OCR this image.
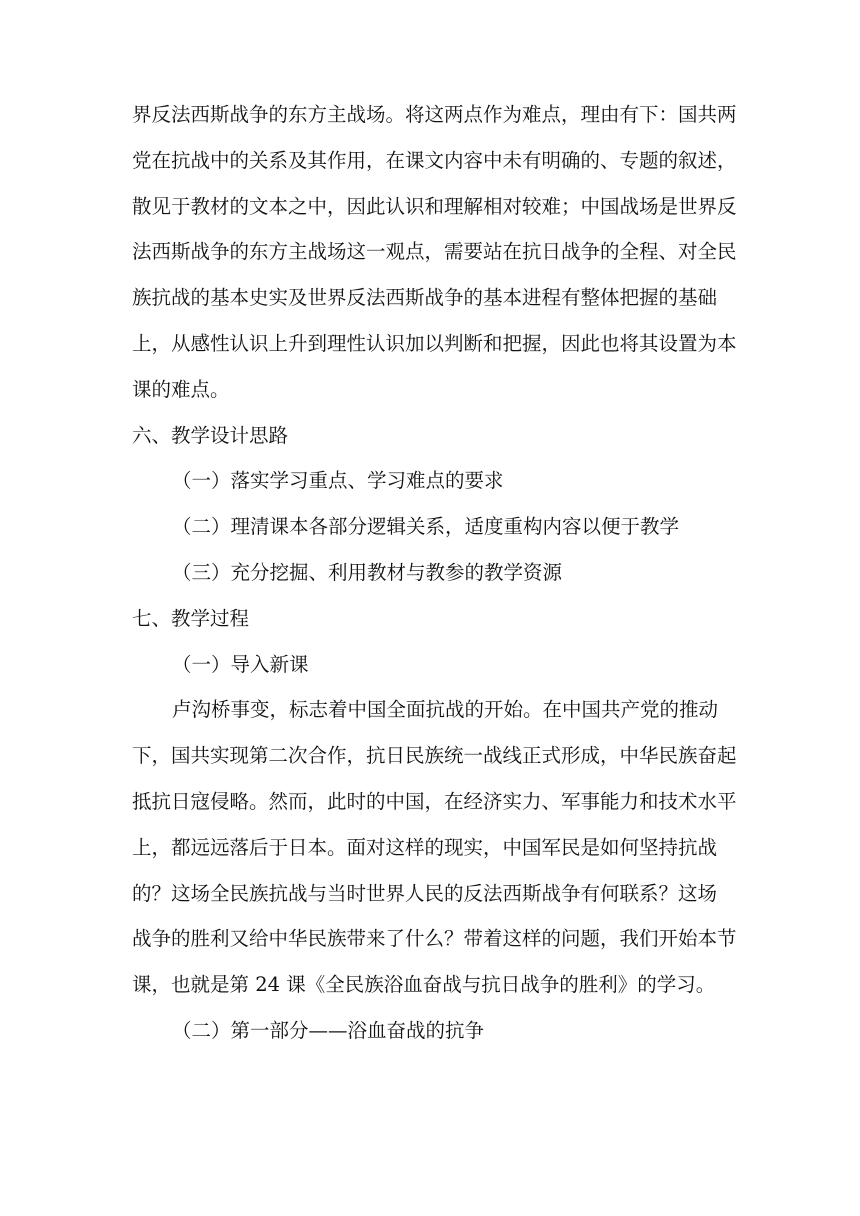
界反法西斯战争的东方主战场。将这两点作为难点，理由有下：国共两
党在抗战中的关系及其作用，在课文内容中未有明确的、专题的叙述，
散见于教材的文本之中，因此认识和理解相对较难；中国战场是世界反
法西斯战争的东方主战场这一观点，需要站在抗日战争的全程、对全民
族抗战的基本史实及世界反法西斯战争的基本进程有整体把握的基础
上，从感性认识上升到理性认识加以判断和把握，因此也将其设置为本
课的难点。

六、教学设计思路

（一）落实学习重点、学习难点的要求

（二）理清课本各部分逻辑关系，适度重构内容以便于教学

（三）充分挖掘、利用教材与教参的教学资源

七、教学过程

（一）导入新课

卢沟桥事变，标志着中国全面抗战的开始。在中国共产党的推动
下，国共实现第二次合作，抗日民族统一战线正式形成，中华民族奋起
抵抗日寇侵略。然而，此时的中国，在经济实力、军事能力和技术水平
上，都远远落后于日本。面对这样的现实，中国军民是如何坚持抗战
的？这场全民族抗战与当时世界人民的反法西斯战争有何联系？这场
战争的胜利又给中华民族带来了什么？带着这样的问题，我们开始本节
课，也就是第 24 课《全民族浴血奋战与抗日战争的胜利》的学习。

（二）第一部分——浴血奋战的抗争
